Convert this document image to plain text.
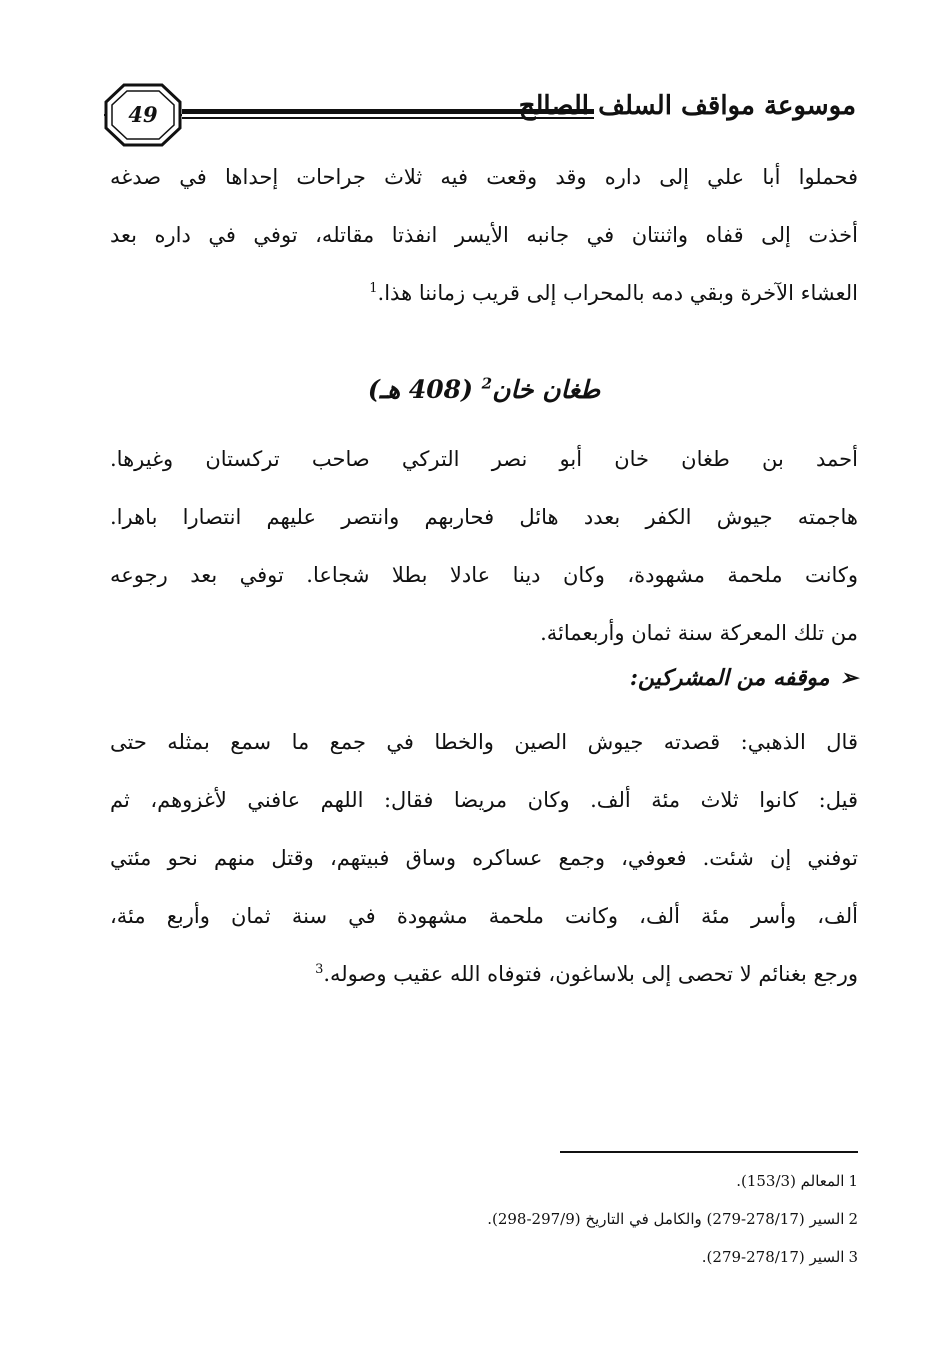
49	موسوعة مواقف السلف الصالح

فحملوا أبا علي إلى داره وقد وقعت فيه ثلاث جراحات إحداها في صدغه

أخذت إلى قفاه واثنتان في جانبه الأيسر انفذتا مقاتله، توفي في داره بعد

العشاء الآخرة وبقي دمه بالمحراب إلى قريب زماننا هذا.$^1$

طغان خان$^2$ (408 هـ)

أحمد بن طغان خان أبو نصر التركي صاحب تركستان وغيرها.

هاجمته جيوش الكفر بعدد هائل فحاربهم وانتصر عليهم انتصارا باهرا.

وكانت ملحمة مشهودة، وكان دينا عادلا بطلا شجاعا. توفي بعد رجوعه

من تلك المعركة سنة ثمان وأربعمائة.

➢موقفه من المشركين:

قال الذهبي: قصدته جيوش الصين والخطا في جمع ما سمع بمثله حتى

قيل: كانوا ثلاث مئة ألف. وكان مريضا فقال: اللهم عافني لأغزوهم، ثم

توفني إن شئت. فعوفي، وجمع عساكره وساق فبيتهم، وقتل منهم نحو مئتي

ألف، وأسر مئة ألف، وكانت ملحمة مشهودة في سنة ثمان وأربع مئة،

ورجع بغنائم لا تحصى إلى بلاساغون، فتوفاه الله عقيب وصوله.$^3$

1المعالم (153/3).
2السير (278/17-279) والكامل في التاريخ (297/9-298).
3السير (278/17-279).
